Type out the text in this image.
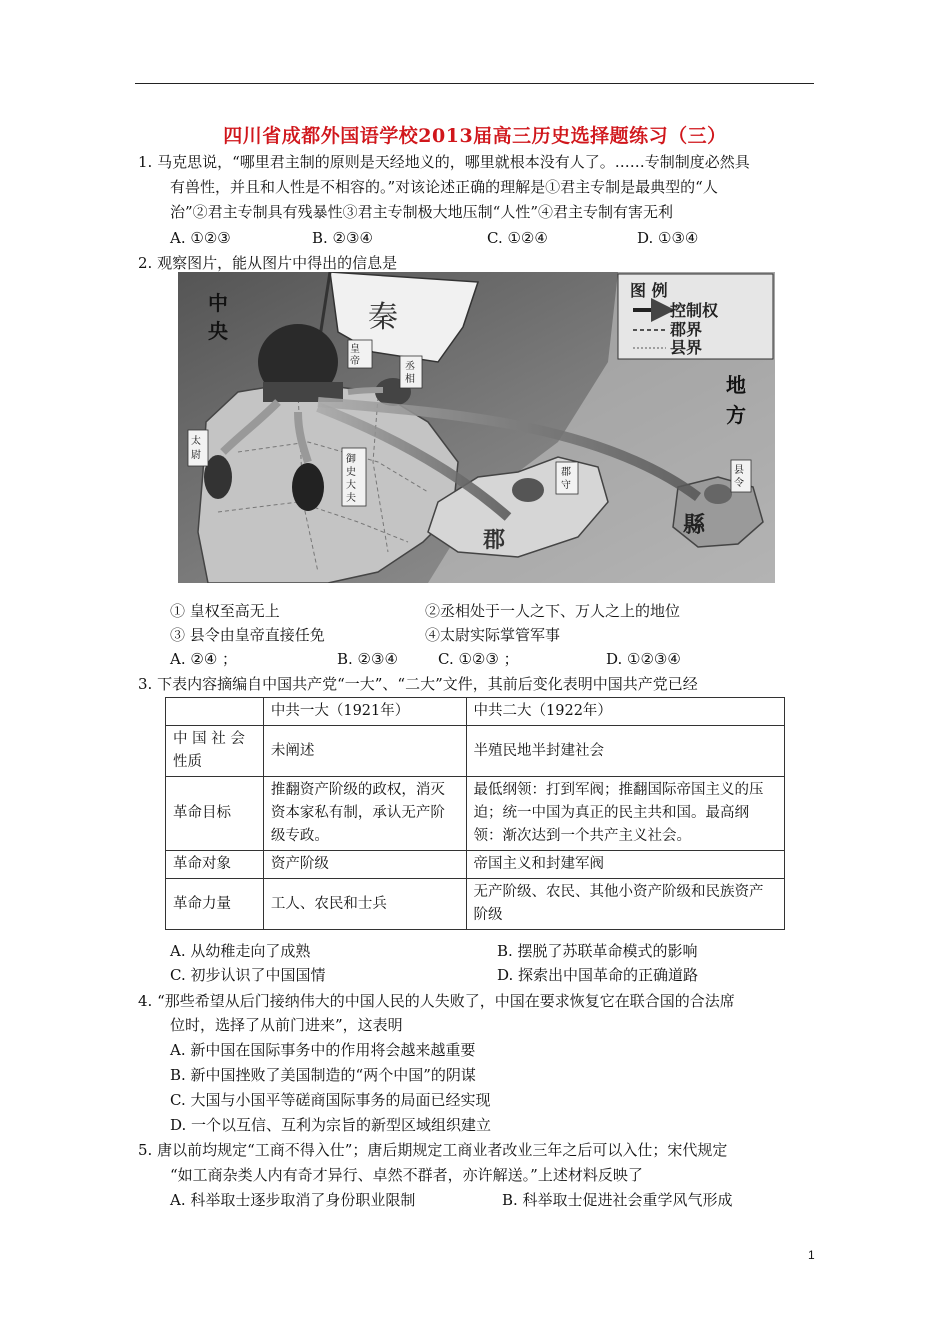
四川省成都外国语学校2013届高三历史选择题练习（三）
1. 马克思说，“哪里君主制的原则是天经地义的，哪里就根本没有人了。……专制制度必然具
有兽性，并且和人性是不相容的。”对该论述正确的理解是①君主专制是最典型的“人
治”②君主专制具有残暴性③君主专制极大地压制“人性”④君主专制有害无利
A. ①②③	B. ②③④	C. ①②④	D. ①③④
2. 观察图片，能从图片中得出的信息是
图 例
控制权
郡界
县界
中
央
地
方
秦
皇
帝	丞
相
太
尉	御
史
大
夫
郡
守
县
令
郡
縣
① 皇权至高无上	②丞相处于一人之下、万人之上的地位
③ 县令由皇帝直接任免	④太尉实际掌管军事
A. ②④ ；	B. ②③④	C. ①②③ ；	D. ①②③④
3. 下表内容摘编自中国共产党“一大”、“二大”文件，其前后变化表明中国共产党已经
	中共一大（1921年）	中共二大（1922年）
中 国 社 会 性质	未阐述	半殖民地半封建社会
革命目标	推翻资产阶级的政权，消灭资本家私有制，承认无产阶级专政。	最低纲领：打到军阀；推翻国际帝国主义的压迫；统一中国为真正的民主共和国。最高纲领：渐次达到一个共产主义社会。
革命对象	资产阶级	帝国主义和封建军阀
革命力量	工人、农民和士兵	无产阶级、农民、其他小资产阶级和民族资产阶级
A. 从幼稚走向了成熟	B. 摆脱了苏联革命模式的影响
C. 初步认识了中国国情	D. 探索出中国革命的正确道路
4. “那些希望从后门接纳伟大的中国人民的人失败了，中国在要求恢复它在联合国的合法席
位时，选择了从前门进来”，这表明
A. 新中国在国际事务中的作用将会越来越重要
B. 新中国挫败了美国制造的“两个中国”的阴谋
C. 大国与小国平等磋商国际事务的局面已经实现
D. 一个以互信、互利为宗旨的新型区域组织建立
5. 唐以前均规定“工商不得入仕”；唐后期规定工商业者改业三年之后可以入仕；宋代规定
“如工商杂类人内有奇才异行、卓然不群者，亦许解送。”上述材料反映了
A. 科举取士逐步取消了身份职业限制	B. 科举取士促进社会重学风气形成
1
